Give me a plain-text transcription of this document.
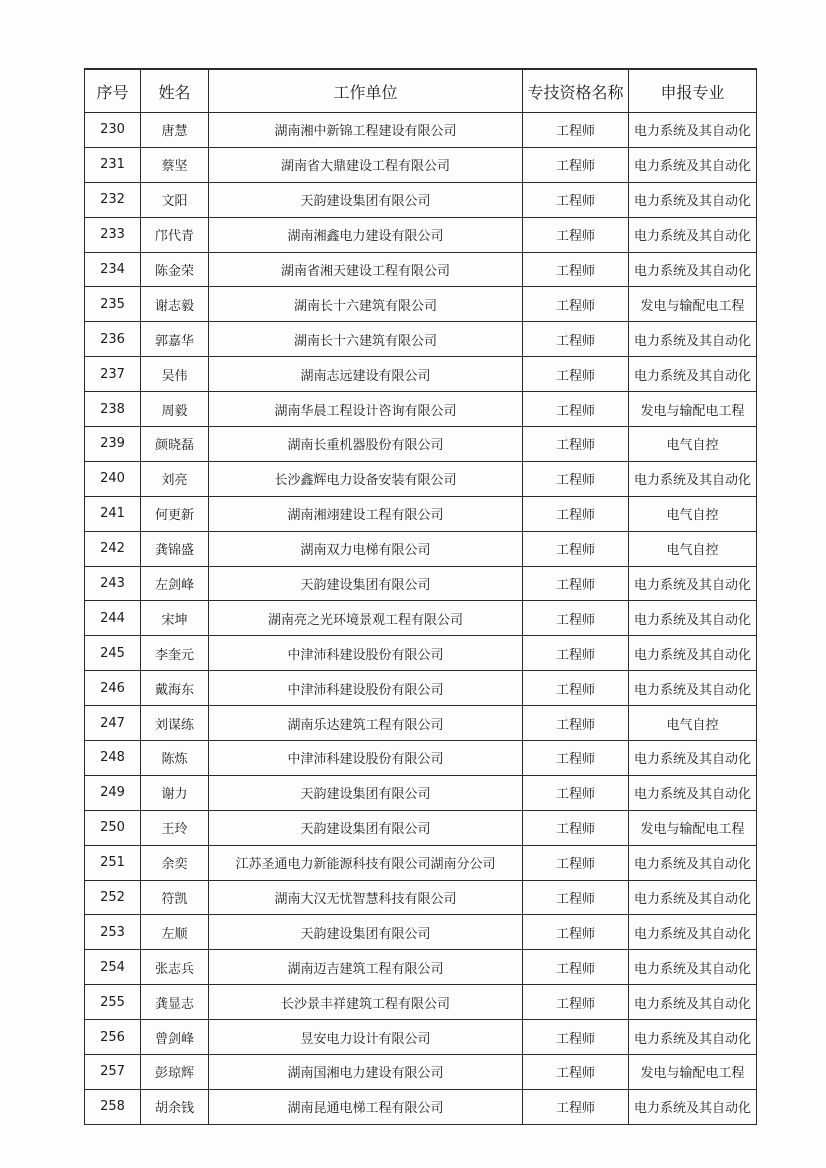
序号	姓名	工作单位	专技资格名称	申报专业
230	唐慧	湖南湘中新锦工程建设有限公司	工程师	电力系统及其自动化
231	蔡坚	湖南省大鼎建设工程有限公司	工程师	电力系统及其自动化
232	文阳	天韵建设集团有限公司	工程师	电力系统及其自动化
233	邝代青	湖南湘鑫电力建设有限公司	工程师	电力系统及其自动化
234	陈金荣	湖南省湘天建设工程有限公司	工程师	电力系统及其自动化
235	谢志毅	湖南长十六建筑有限公司	工程师	发电与输配电工程
236	郭嘉华	湖南长十六建筑有限公司	工程师	电力系统及其自动化
237	吴伟	湖南志远建设有限公司	工程师	电力系统及其自动化
238	周毅	湖南华晨工程设计咨询有限公司	工程师	发电与输配电工程
239	颜晓磊	湖南长重机器股份有限公司	工程师	电气自控
240	刘亮	长沙鑫辉电力设备安装有限公司	工程师	电力系统及其自动化
241	何更新	湖南湘翊建设工程有限公司	工程师	电气自控
242	龚锦盛	湖南双力电梯有限公司	工程师	电气自控
243	左剑峰	天韵建设集团有限公司	工程师	电力系统及其自动化
244	宋坤	湖南亮之光环境景观工程有限公司	工程师	电力系统及其自动化
245	李奎元	中津沛科建设股份有限公司	工程师	电力系统及其自动化
246	戴海东	中津沛科建设股份有限公司	工程师	电力系统及其自动化
247	刘谋练	湖南乐达建筑工程有限公司	工程师	电气自控
248	陈炼	中津沛科建设股份有限公司	工程师	电力系统及其自动化
249	谢力	天韵建设集团有限公司	工程师	电力系统及其自动化
250	王玲	天韵建设集团有限公司	工程师	发电与输配电工程
251	余奕	江苏圣通电力新能源科技有限公司湖南分公司	工程师	电力系统及其自动化
252	符凯	湖南大汉无忧智慧科技有限公司	工程师	电力系统及其自动化
253	左顺	天韵建设集团有限公司	工程师	电力系统及其自动化
254	张志兵	湖南迈吉建筑工程有限公司	工程师	电力系统及其自动化
255	龚显志	长沙景丰祥建筑工程有限公司	工程师	电力系统及其自动化
256	曾剑峰	昱安电力设计有限公司	工程师	电力系统及其自动化
257	彭琼辉	湖南国湘电力建设有限公司	工程师	发电与输配电工程
258	胡余钱	湖南昆通电梯工程有限公司	工程师	电力系统及其自动化
